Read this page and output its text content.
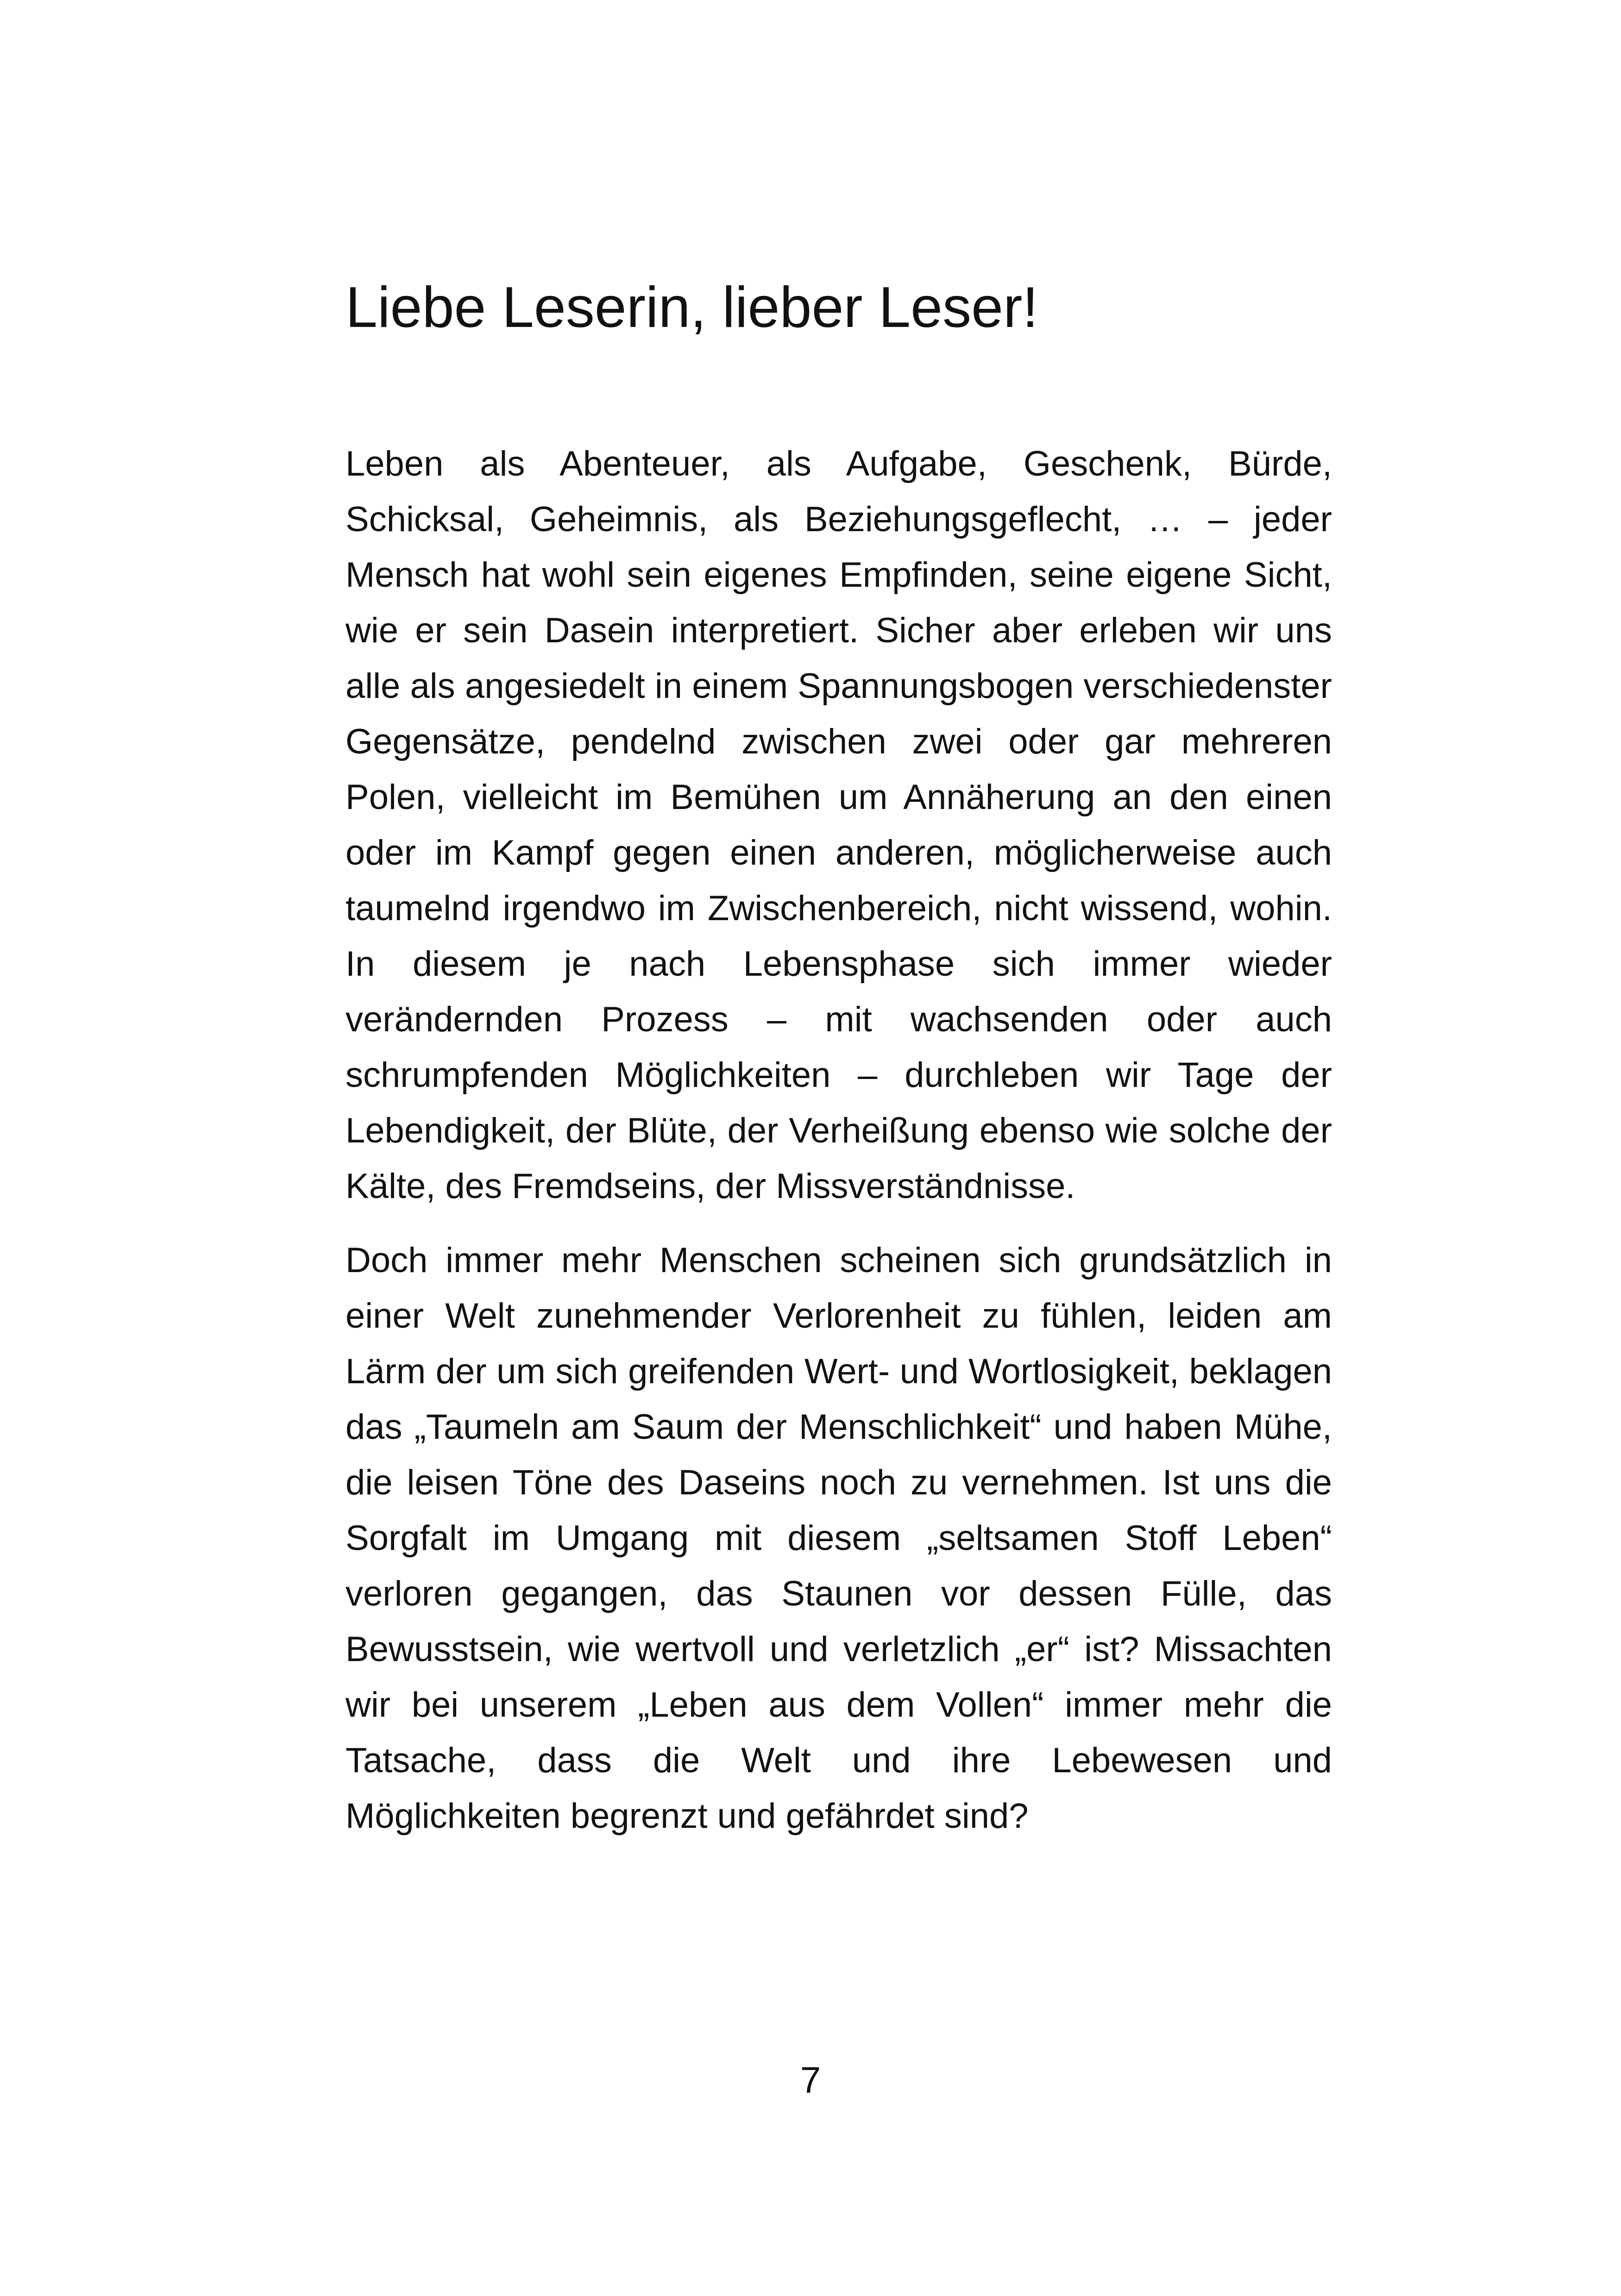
Liebe Leserin, lieber Leser!

Leben als Abenteuer, als Aufgabe, Geschenk, Bürde, Schicksal, Geheimnis, als Beziehungsgeflecht, … – jeder Mensch hat wohl sein eigenes Empfinden, seine eigene Sicht, wie er sein Dasein interpretiert. Sicher aber erleben wir uns alle als angesiedelt in einem Spannungsbogen verschiedenster Gegensätze, pendelnd zwischen zwei oder gar mehreren Polen, vielleicht im Bemühen um Annäherung an den einen oder im Kampf gegen einen anderen, möglicherweise auch taumelnd irgendwo im Zwischenbereich, nicht wissend, wohin. In diesem je nach Lebensphase sich immer wieder verändernden Prozess – mit wachsenden oder auch schrumpfenden Möglichkeiten – durchleben wir Tage der Lebendigkeit, der Blüte, der Verheißung ebenso wie solche der Kälte, des Fremdseins, der Missverständnisse.

Doch immer mehr Menschen scheinen sich grundsätzlich in einer Welt zunehmender Verlorenheit zu fühlen, leiden am Lärm der um sich greifenden Wert- und Wortlosigkeit, beklagen das „Taumeln am Saum der Menschlichkeit“ und haben Mühe, die leisen Töne des Daseins noch zu vernehmen. Ist uns die Sorgfalt im Umgang mit diesem „seltsamen Stoff Leben“ verloren gegangen, das Staunen vor dessen Fülle, das Bewusstsein, wie wertvoll und verletzlich „er“ ist? Missachten wir bei unserem „Leben aus dem Vollen“ immer mehr die Tatsache, dass die Welt und ihre Lebewesen und Möglichkeiten begrenzt und gefährdet sind?

7
